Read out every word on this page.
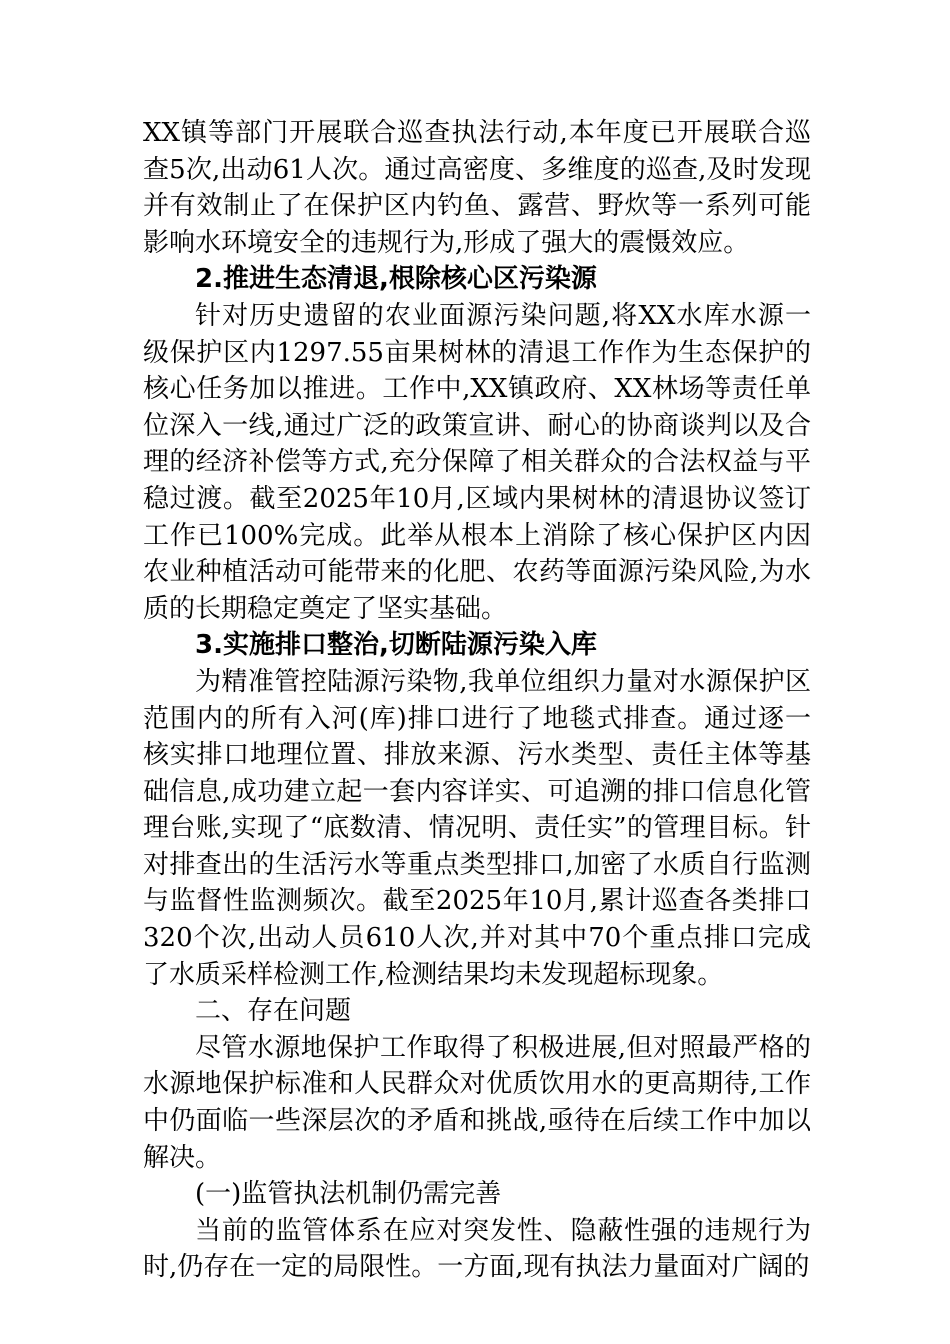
XX镇等部门开展联合巡查执法行动,本年度已开展联合巡查5次,出动61人次。通过高密度、多维度的巡查,及时发现并有效制止了在保护区内钓鱼、露营、野炊等一系列可能影响水环境安全的违规行为,形成了强大的震慑效应。

2.推进生态清退,根除核心区污染源

针对历史遗留的农业面源污染问题,将XX水库水源一级保护区内1297.55亩果树林的清退工作作为生态保护的核心任务加以推进。工作中,XX镇政府、XX林场等责任单位深入一线,通过广泛的政策宣讲、耐心的协商谈判以及合理的经济补偿等方式,充分保障了相关群众的合法权益与平稳过渡。截至2025年10月,区域内果树林的清退协议签订工作已100%完成。此举从根本上消除了核心保护区内因农业种植活动可能带来的化肥、农药等面源污染风险,为水质的长期稳定奠定了坚实基础。

3.实施排口整治,切断陆源污染入库

为精准管控陆源污染物,我单位组织力量对水源保护区范围内的所有入河(库)排口进行了地毯式排查。通过逐一核实排口地理位置、排放来源、污水类型、责任主体等基础信息,成功建立起一套内容详实、可追溯的排口信息化管理台账,实现了“底数清、情况明、责任实”的管理目标。针对排查出的生活污水等重点类型排口,加密了水质自行监测与监督性监测频次。截至2025年10月,累计巡查各类排口320个次,出动人员610人次,并对其中70个重点排口完成了水质采样检测工作,检测结果均未发现超标现象。

二、存在问题

尽管水源地保护工作取得了积极进展,但对照最严格的水源地保护标准和人民群众对优质饮用水的更高期待,工作中仍面临一些深层次的矛盾和挑战,亟待在后续工作中加以解决。

(一)监管执法机制仍需完善

当前的监管体系在应对突发性、隐蔽性强的违规行为时,仍存在一定的局限性。一方面,现有执法力量面对广阔的
